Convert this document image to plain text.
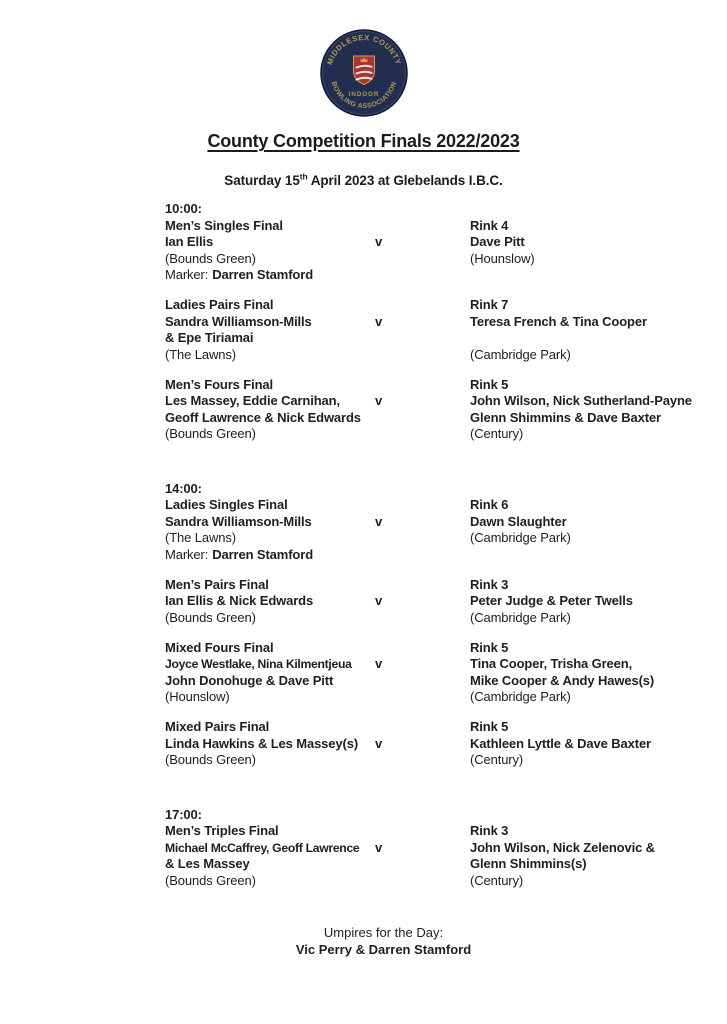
MIDDLESEX COUNTY
BOWLING ASSOCIATION
INDOOR
County Competition Finals 2022/2023
Saturday 15th April 2023 at Glebelands I.B.C.
10:00:
Men’s Singles Final	Rink 4
Ian Ellis	v	Dave Pitt
(Bounds Green)	(Hounslow)
Marker: Darren Stamford
Ladies Pairs Final	Rink 7
Sandra Williamson-Mills	v	Teresa French & Tina Cooper
& Epe Tiriamai
(The Lawns)	(Cambridge Park)
Men’s Fours Final	Rink 5
Les Massey, Eddie Carnihan,	v	John Wilson, Nick Sutherland-Payne
Geoff Lawrence & Nick Edwards	Glenn Shimmins & Dave Baxter
(Bounds Green)	(Century)
14:00:
Ladies Singles Final	Rink 6
Sandra Williamson-Mills	v	Dawn Slaughter
(The Lawns)	(Cambridge Park)
Marker: Darren Stamford
Men’s Pairs Final	Rink 3
Ian Ellis & Nick Edwards	v	Peter Judge & Peter Twells
(Bounds Green)	(Cambridge Park)
Mixed Fours Final	Rink 5
Joyce Westlake, Nina Kilmentjeua	v	Tina Cooper, Trisha Green,
John Donohuge & Dave Pitt	Mike Cooper & Andy Hawes(s)
(Hounslow)	(Cambridge Park)
Mixed Pairs Final	Rink 5
Linda Hawkins & Les Massey(s)	v	Kathleen Lyttle & Dave Baxter
(Bounds Green)	(Century)
17:00:
Men’s Triples Final	Rink 3
Michael McCaffrey, Geoff Lawrence	v	John Wilson, Nick Zelenovic &
& Les Massey	Glenn Shimmins(s)
(Bounds Green)	(Century)
Umpires for the Day:
Vic Perry & Darren Stamford
